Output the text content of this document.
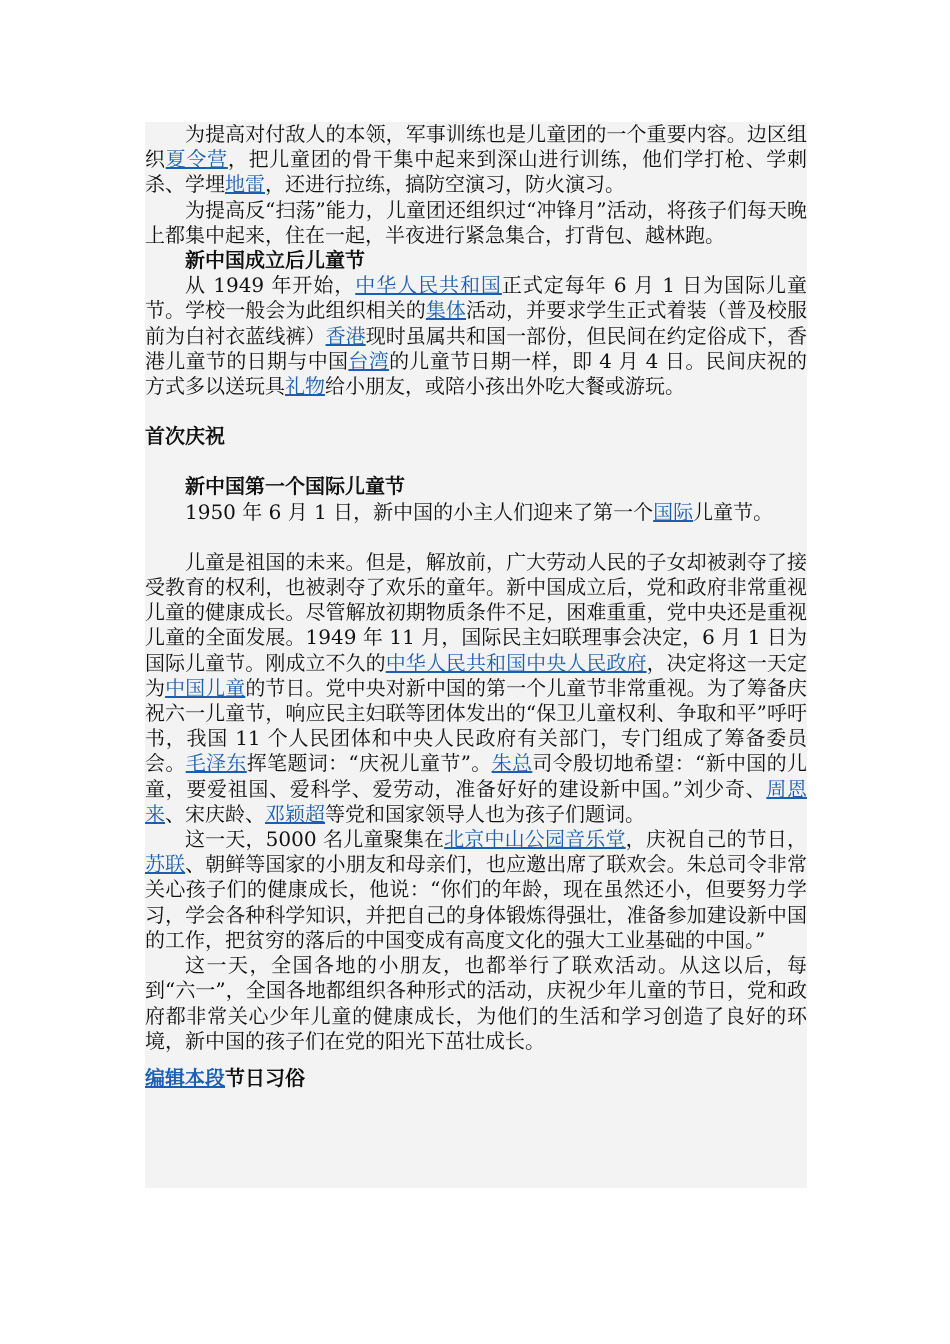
为提高对付敌人的本领，军事训练也是儿童团的一个重要内容。边区组织夏令营，把儿童团的骨干集中起来到深山进行训练，他们学打枪、学刺杀、学埋地雷，还进行拉练，搞防空演习，防火演习。

为提高反“扫荡”能力，儿童团还组织过“冲锋月”活动，将孩子们每天晚上都集中起来，住在一起，半夜进行紧急集合，打背包、越林跑。

新中国成立后儿童节

从 1949 年开始，中华人民共和国正式定每年 6 月 1 日为国际儿童节。学校一般会为此组织相关的集体活动，并要求学生正式着装（普及校服前为白衬衣蓝线裤）香港现时虽属共和国一部份，但民间在约定俗成下，香港儿童节的日期与中国台湾的儿童节日期一样，即 4 月 4 日。民间庆祝的方式多以送玩具礼物给小朋友，或陪小孩出外吃大餐或游玩。

首次庆祝

新中国第一个国际儿童节

1950 年 6 月 1 日，新中国的小主人们迎来了第一个国际儿童节。

儿童是祖国的未来。但是，解放前，广大劳动人民的子女却被剥夺了接受教育的权利，也被剥夺了欢乐的童年。新中国成立后，党和政府非常重视儿童的健康成长。尽管解放初期物质条件不足，困难重重，党中央还是重视儿童的全面发展。1949 年 11 月，国际民主妇联理事会决定，6 月 1 日为国际儿童节。刚成立不久的中华人民共和国中央人民政府，决定将这一天定为中国儿童的节日。党中央对新中国的第一个儿童节非常重视。为了筹备庆祝六一儿童节，响应民主妇联等团体发出的“保卫儿童权利、争取和平”呼吁书，我国 11 个人民团体和中央人民政府有关部门，专门组成了筹备委员会。毛泽东挥笔题词：“庆祝儿童节”。朱总司令殷切地希望：“新中国的儿童，要爱祖国、爱科学、爱劳动，准备好好的建设新中国。”刘少奇、周恩来、宋庆龄、邓颖超等党和国家领导人也为孩子们题词。

这一天，5000 名儿童聚集在北京中山公园音乐堂，庆祝自己的节日，苏联、朝鲜等国家的小朋友和母亲们，也应邀出席了联欢会。朱总司令非常关心孩子们的健康成长，他说：“你们的年龄，现在虽然还小，但要努力学习，学会各种科学知识，并把自己的身体锻炼得强壮，准备参加建设新中国的工作，把贫穷的落后的中国变成有高度文化的强大工业基础的中国。”

这一天，全国各地的小朋友，也都举行了联欢活动。从这以后，每到“六一”，全国各地都组织各种形式的活动，庆祝少年儿童的节日，党和政府都非常关心少年儿童的健康成长，为他们的生活和学习创造了良好的环境，新中国的孩子们在党的阳光下茁壮成长。

编辑本段节日习俗
